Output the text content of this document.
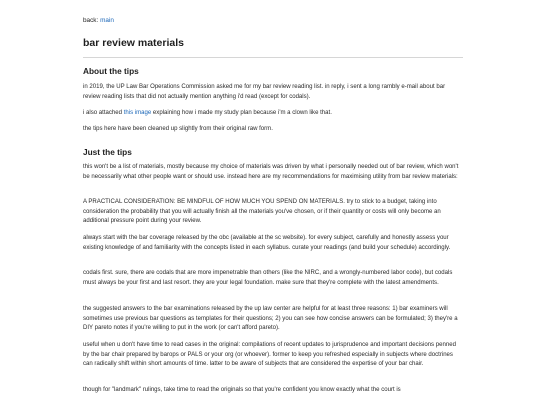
back: main
bar review materials
About the tips

in 2019, the UP Law Bar Operations Commission asked me for my bar review reading list. in reply, i sent a long rambly e-mail about bar review reading lists that did not actually mention anything i'd read (except for codals).

i also attached this image explaining how i made my study plan because i'm a clown like that.

the tips here have been cleaned up slightly from their original raw form.

Just the tips

this won't be a list of materials, mostly because my choice of materials was driven by what i personally needed out of bar review, which won't be necessarily what other people want or should use. instead here are my recommendations for maximising utility from bar review materials:

A PRACTICAL CONSIDERATION: BE MINDFUL OF HOW MUCH YOU SPEND ON MATERIALS. try to stick to a budget, taking into consideration the probability that you will actually finish all the materials you've chosen, or if their quantity or costs will only become an additional pressure point during your review.

always start with the bar coverage released by the obc (available at the sc website). for every subject, carefully and honestly assess your existing knowledge of and familiarity with the concepts listed in each syllabus. curate your readings (and build your schedule) accordingly.

codals first. sure, there are codals that are more impenetrable than others (like the NIRC, and a wrongly-numbered labor code), but codals must always be your first and last resort. they are your legal foundation. make sure that they're complete with the latest amendments.

the suggested answers to the bar examinations released by the up law center are helpful for at least three reasons: 1) bar examiners will sometimes use previous bar questions as templates for their questions; 2) you can see how concise answers can be formulated; 3) they're a DIY pareto notes if you're willing to put in the work (or can't afford pareto).

useful when u don't have time to read cases in the original: compilations of recent updates to jurisprudence and important decisions penned by the bar chair prepared by barops or PALS or your org (or whoever). former to keep you refreshed especially in subjects where doctrines can radically shift within short amounts of time. latter to be aware of subjects that are considered the expertise of your bar chair.

though for "landmark" rulings, take time to read the originals so that you're confident you know exactly what the court is
